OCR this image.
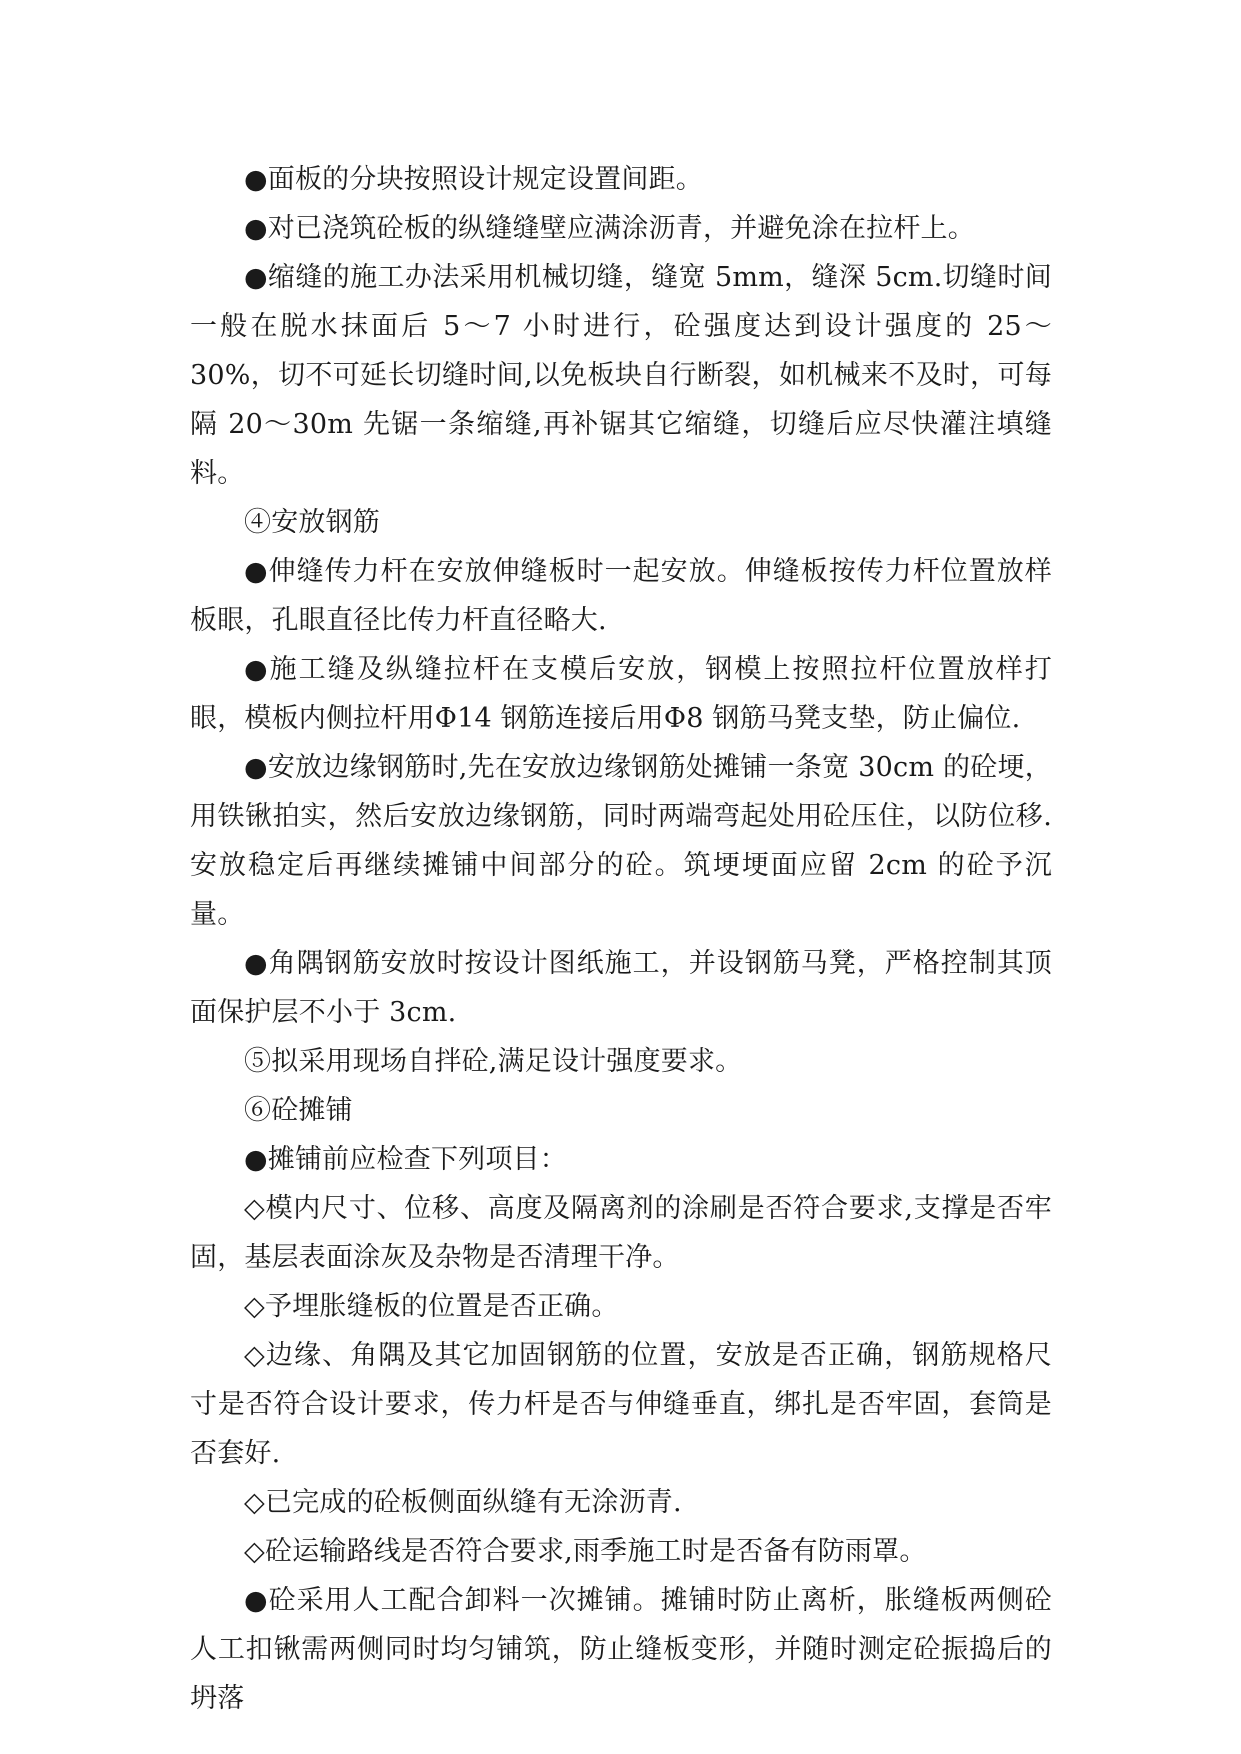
●面板的分块按照设计规定设置间距。

●对已浇筑砼板的纵缝缝壁应满涂沥青，并避免涂在拉杆上。

●缩缝的施工办法采用机械切缝，缝宽 5mm，缝深 5cm.切缝时间一般在脱水抹面后 5～7 小时进行，砼强度达到设计强度的 25～30%，切不可延长切缝时间,以免板块自行断裂，如机械来不及时，可每隔 20～30m 先锯一条缩缝,再补锯其它缩缝，切缝后应尽快灌注填缝料。

④安放钢筋

●伸缝传力杆在安放伸缝板时一起安放。伸缝板按传力杆位置放样板眼，孔眼直径比传力杆直径略大.

●施工缝及纵缝拉杆在支模后安放，钢模上按照拉杆位置放样打眼，模板内侧拉杆用Φ14 钢筋连接后用Φ8 钢筋马凳支垫，防止偏位.

●安放边缘钢筋时,先在安放边缘钢筋处摊铺一条宽 30cm 的砼埂，用铁锹拍实，然后安放边缘钢筋，同时两端弯起处用砼压住，以防位移.安放稳定后再继续摊铺中间部分的砼。筑埂埂面应留 2cm 的砼予沉量。

●角隅钢筋安放时按设计图纸施工，并设钢筋马凳，严格控制其顶面保护层不小于 3cm.

⑤拟采用现场自拌砼,满足设计强度要求。

⑥砼摊铺

●摊铺前应检查下列项目：

◇模内尺寸、位移、高度及隔离剂的涂刷是否符合要求,支撑是否牢固，基层表面涂灰及杂物是否清理干净。

◇予埋胀缝板的位置是否正确。

◇边缘、角隅及其它加固钢筋的位置，安放是否正确，钢筋规格尺寸是否符合设计要求，传力杆是否与伸缝垂直，绑扎是否牢固，套筒是否套好.

◇已完成的砼板侧面纵缝有无涂沥青.

◇砼运输路线是否符合要求,雨季施工时是否备有防雨罩。

●砼采用人工配合卸料一次摊铺。摊铺时防止离析，胀缝板两侧砼人工扣锹需两侧同时均匀铺筑，防止缝板变形，并随时测定砼振捣后的坍落
